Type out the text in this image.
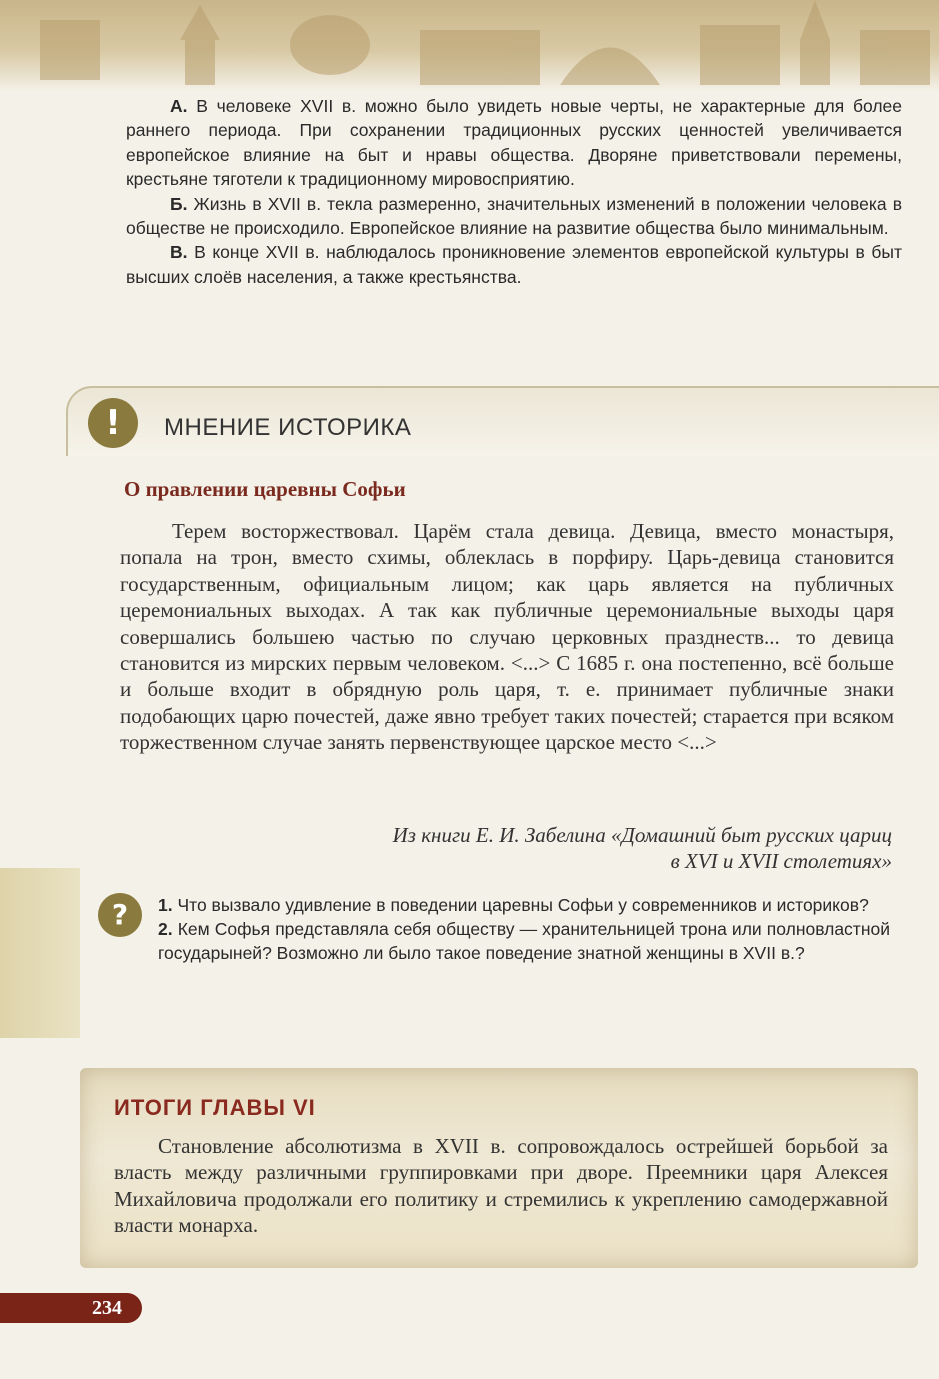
А. В человеке XVII в. можно было увидеть новые черты, не характерные для более раннего периода. При сохранении традиционных русских ценностей увеличивается европейское влияние на быт и нравы общества. Дворяне приветствовали перемены, крестьяне тяготели к традиционному мировосприятию.

Б. Жизнь в XVII в. текла размеренно, значительных изменений в положении человека в обществе не происходило. Европейское влияние на развитие общества было минимальным.

В. В конце XVII в. наблюдалось проникновение элементов европейской культуры в быт высших слоёв населения, а также крестьянства.

!	МНЕНИЕ ИСТОРИКА
О правлении царевны Софьи

Терем восторжествовал. Царём стала девица. Девица, вместо монастыря, попала на трон, вместо схимы, облеклась в порфиру. Царь-девица становится государственным, официальным лицом; как царь является на публичных церемониальных выходах. А так как публичные церемониальные выходы царя совершались большею частью по случаю церковных празднеств... то девица становится из мирских первым человеком. <...> С 1685 г. она постепенно, всё больше и больше входит в обрядную роль царя, т. е. принимает публичные знаки подобающих царю почестей, даже явно требует таких почестей; старается при всяком торжественном случае занять первенствующее царское место <...>

Из книги Е. И. Забелина «Домашний быт русских цариц
в XVI и XVII столетиях»
?	1. Что вызвало удивление в поведении царевны Софьи у современников и историков?

2. Кем Софья представляла себя обществу — хранительницей трона или полновластной государыней? Возможно ли было такое поведение знатной женщины в XVII в.?

ИТОГИ ГЛАВЫ VI

Становление абсолютизма в XVII в. сопровождалось острейшей борьбой за власть между различными группировками при дворе. Преемники царя Алексея Михайловича продолжали его политику и стремились к укреплению самодержавной власти монарха.

234
